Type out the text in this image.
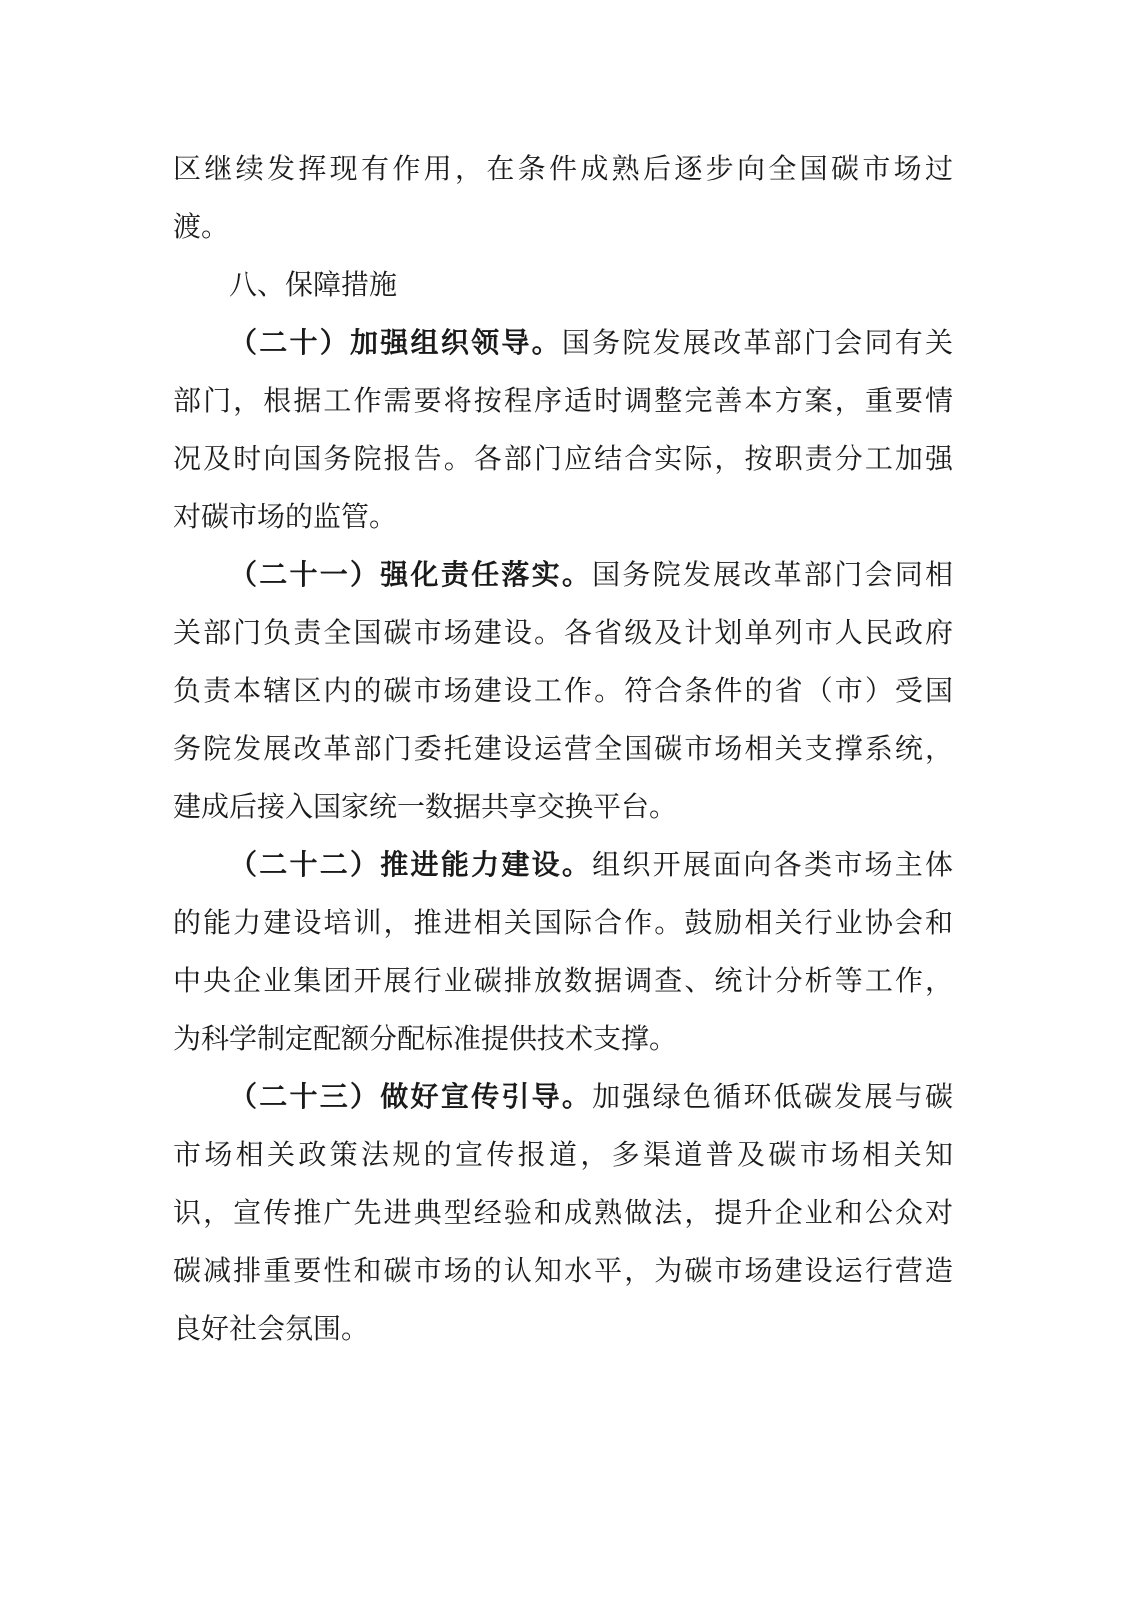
区继续发挥现有作用，在条件成熟后逐步向全国碳市场过
渡。
八、保障措施
（二十）加强组织领导。国务院发展改革部门会同有关
部门，根据工作需要将按程序适时调整完善本方案，重要情
况及时向国务院报告。各部门应结合实际，按职责分工加强
对碳市场的监管。
（二十一）强化责任落实。国务院发展改革部门会同相
关部门负责全国碳市场建设。各省级及计划单列市人民政府
负责本辖区内的碳市场建设工作。符合条件的省（市）受国
务院发展改革部门委托建设运营全国碳市场相关支撑系统，
建成后接入国家统一数据共享交换平台。
（二十二）推进能力建设。组织开展面向各类市场主体
的能力建设培训，推进相关国际合作。鼓励相关行业协会和
中央企业集团开展行业碳排放数据调查、统计分析等工作，
为科学制定配额分配标准提供技术支撑。
（二十三）做好宣传引导。加强绿色循环低碳发展与碳
市场相关政策法规的宣传报道，多渠道普及碳市场相关知
识，宣传推广先进典型经验和成熟做法，提升企业和公众对
碳减排重要性和碳市场的认知水平，为碳市场建设运行营造
良好社会氛围。
